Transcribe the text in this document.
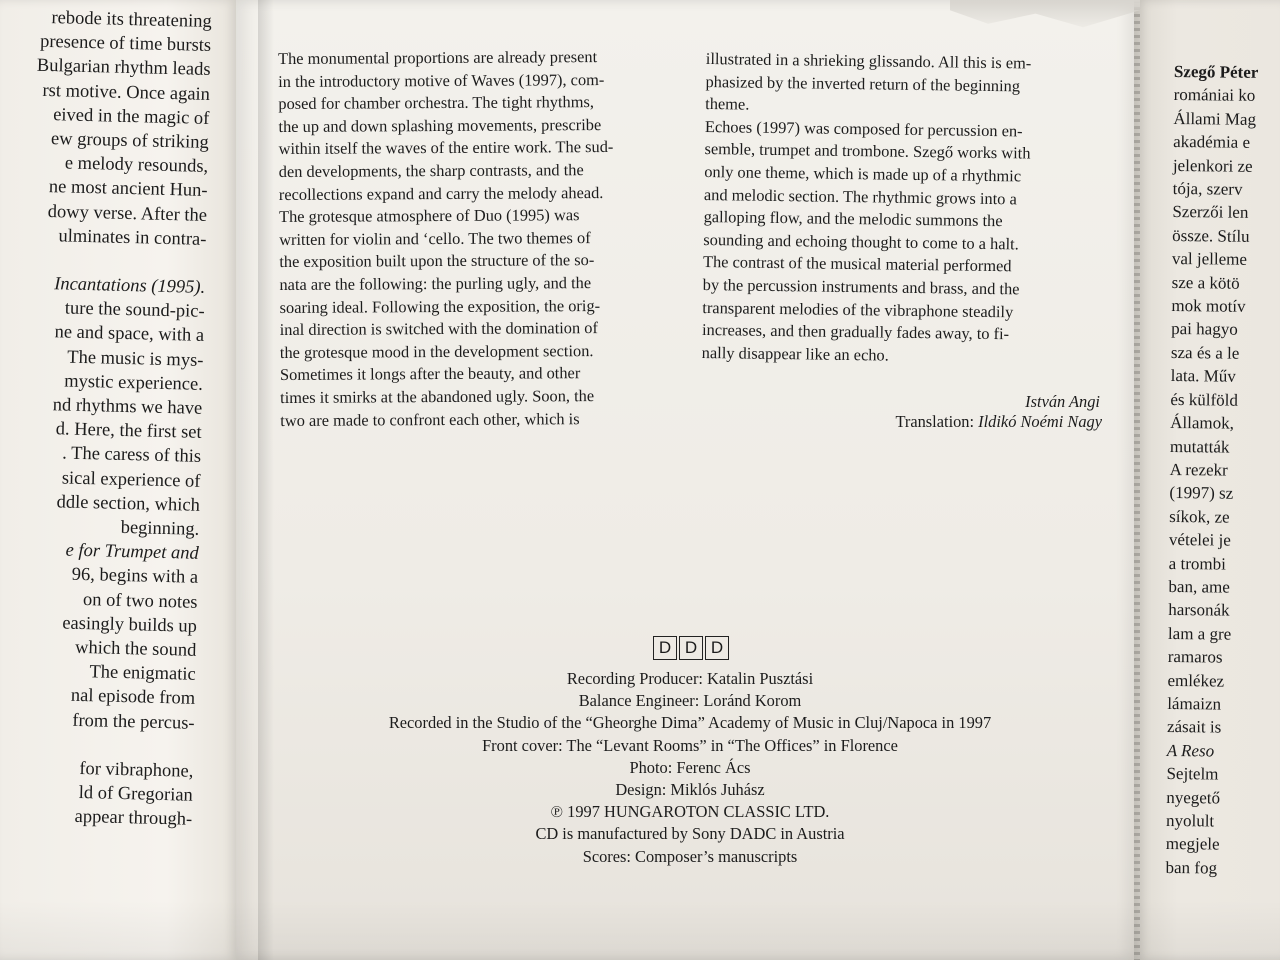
rebode its threatening

presence of time bursts

Bulgarian rhythm leads

rst motive. Once again

eived in the magic of

ew groups of striking

e melody resounds,

ne most ancient Hun-

dowy verse. After the

ulminates in contra-

Incantations (1995).

ture the sound-pic-

ne and space, with a

The music is mys-

mystic experience.

nd rhythms we have

d. Here, the first set

. The caress of this

sical experience of

ddle section, which

beginning.

e for Trumpet and

96, begins with a

on of two notes

easingly builds up

which the sound

The enigmatic

nal episode from

from the percus-

for vibraphone,

ld of Gregorian

appear through-

The monumental proportions are already present

in the introductory motive of Waves (1997), com-

posed for chamber orchestra. The tight rhythms,

the up and down splashing movements, prescribe

within itself the waves of the entire work. The sud-

den developments, the sharp contrasts, and the

recollections expand and carry the melody ahead.

The grotesque atmosphere of Duo (1995) was

written for violin and ‘cello. The two themes of

the exposition built upon the structure of the so-

nata are the following: the purling ugly, and the

soaring ideal. Following the exposition, the orig-

inal direction is switched with the domination of

the grotesque mood in the development section.

Sometimes it longs after the beauty, and other

times it smirks at the abandoned ugly. Soon, the

two are made to confront each other, which is

illustrated in a shrieking glissando. All this is em-

phasized by the inverted return of the beginning

theme.

Echoes (1997) was composed for percussion en-

semble, trumpet and trombone. Szegő works with

only one theme, which is made up of a rhythmic

and melodic section. The rhythmic grows into a

galloping flow, and the melodic summons the

sounding and echoing thought to come to a halt.

The contrast of the musical material performed

by the percussion instruments and brass, and the

transparent melodies of the vibraphone steadily

increases, and then gradually fades away, to fi-

nally disappear like an echo.

István Angi
Translation: Ildikó Noémi Nagy
D D D

Recording Producer: Katalin Pusztási

Balance Engineer: Loránd Korom

Recorded in the Studio of the “Gheorghe Dima” Academy of Music in Cluj/Napoca in 1997

Front cover: The “Levant Rooms” in “The Offices” in Florence

Photo: Ferenc Ács

Design: Miklós Juhász

℗ 1997 HUNGAROTON CLASSIC LTD.

CD is manufactured by Sony DADC in Austria

Scores: Composer’s manuscripts

Szegő Péter

romániai ko

Állami Mag

akadémia e

jelenkori ze

tója, szerv

Szerzői len

össze. Stílu

val jelleme

sze a kötö

mok motív

pai hagyo

sza és a le

lata. Műv

és külföld

Államok,

mutatták

A rezekr

(1997) sz

síkok, ze

vételei je

a trombi

ban, ame

harsonák

lam a gre

ramaros

emlékez

lámaizn

zásait is

A Reso

Sejtelm

nyegető

nyolult

megjele

ban fog
